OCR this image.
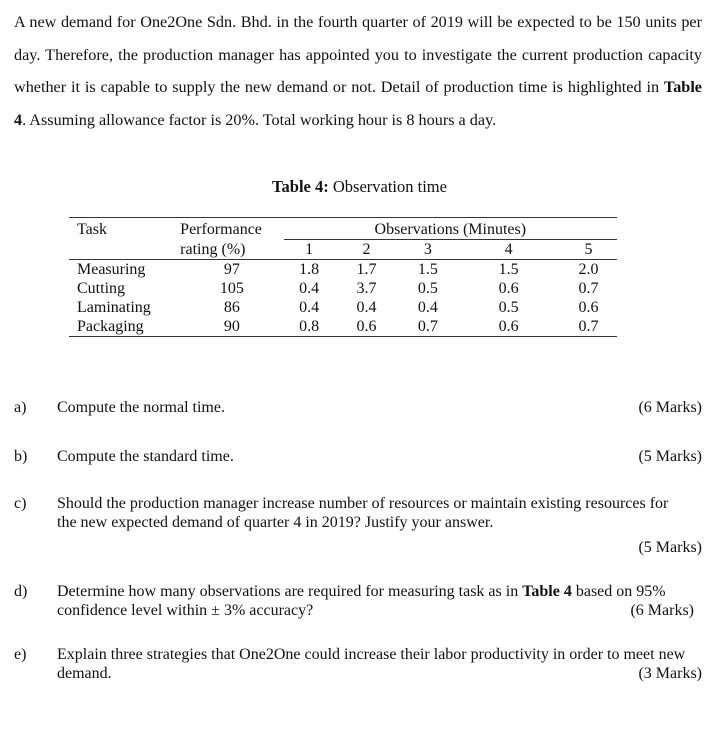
A new demand for One2One Sdn. Bhd. in the fourth quarter of 2019 will be expected to be 150 units per day. Therefore, the production manager has appointed you to investigate the current production capacity whether it is capable to supply the new demand or not. Detail of production time is highlighted in Table 4. Assuming allowance factor is 20%. Total working hour is 8 hours a day.
Table 4: Observation time
Task	Performance	Observations (Minutes)				
	rating (%)	1	2	3	4	5
Measuring	97	1.8	1.7	1.5	1.5	2.0
Cutting	105	0.4	3.7	0.5	0.6	0.7
Laminating	86	0.4	0.4	0.4	0.5	0.6
Packaging	90	0.8	0.6	0.7	0.6	0.7
a) Compute the normal time.	(6 Marks)
b) Compute the standard time.	(5 Marks)
c) Should the production manager increase number of resources or maintain existing resources for the new expected demand of quarter 4 in 2019? Justify your answer.
(5 Marks)
d) Determine how many observations are required for measuring task as in Table 4 based on 95% confidence level within ± 3% accuracy?	(6 Marks)
e) Explain three strategies that One2One could increase their labor productivity in order to meet new demand.	(3 Marks)
